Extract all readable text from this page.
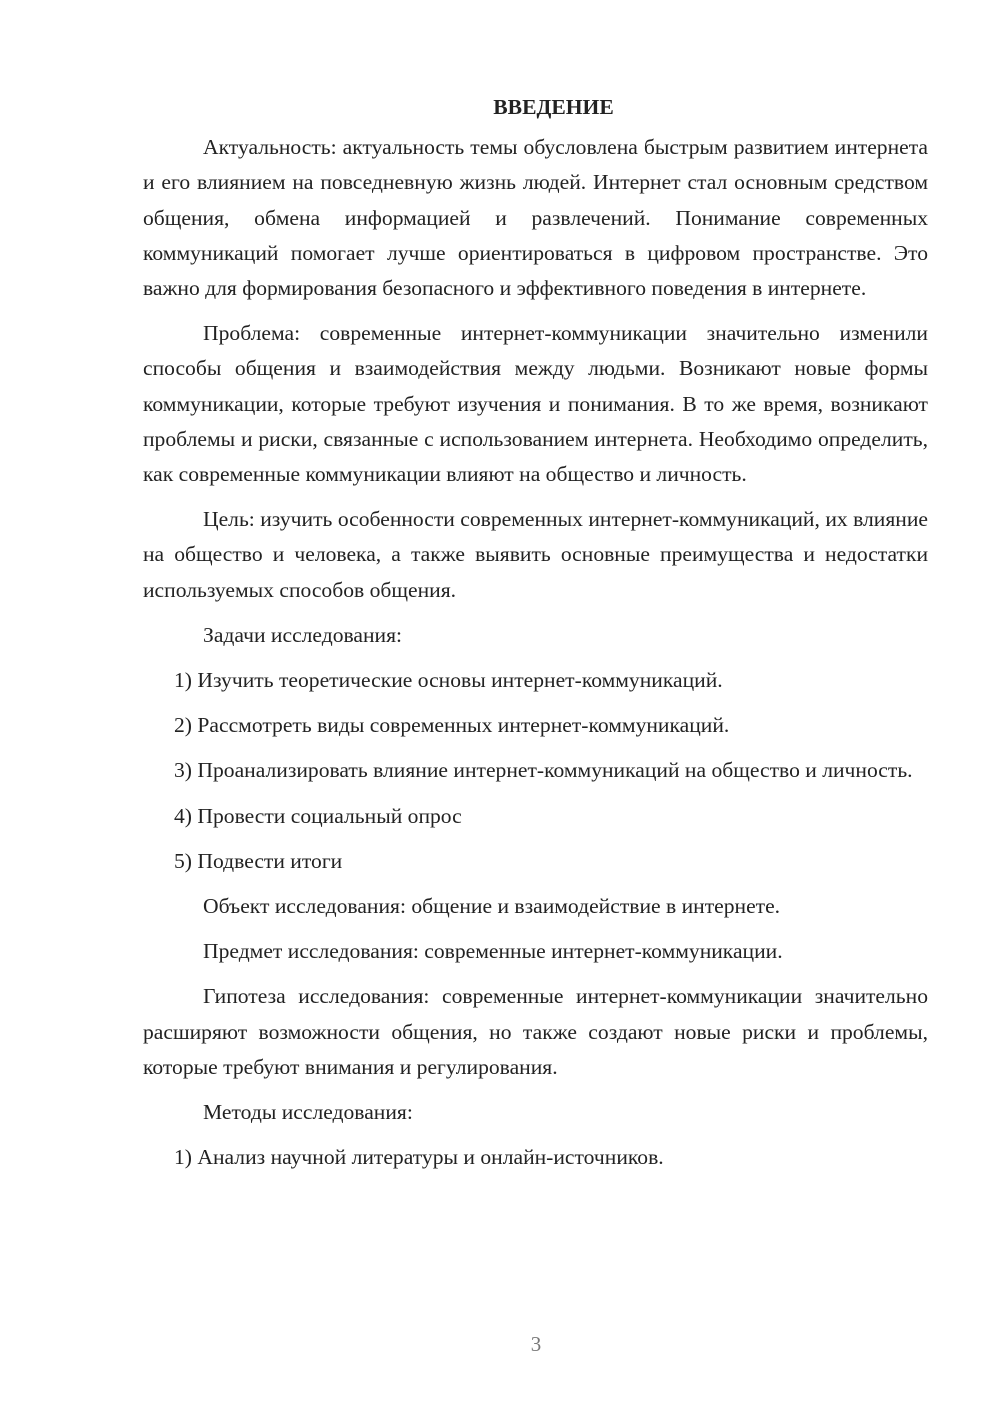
ВВЕДЕНИЕ
Актуальность: актуальность темы обусловлена быстрым развитием интернета и его влиянием на повседневную жизнь людей. Интернет стал основным средством общения, обмена информацией и развлечений. Понимание современных коммуникаций помогает лучше ориентироваться в цифровом пространстве. Это важно для формирования безопасного и эффективного поведения в интернете.
Проблема: современные интернет-коммуникации значительно изменили способы общения и взаимодействия между людьми. Возникают новые формы коммуникации, которые требуют изучения и понимания. В то же время, возникают проблемы и риски, связанные с использованием интернета. Необходимо определить, как современные коммуникации влияют на общество и личность.
Цель: изучить особенности современных интернет-коммуникаций, их влияние на общество и человека, а также выявить основные преимущества и недостатки используемых способов общения.
Задачи исследования:
1) Изучить теоретические основы интернет-коммуникаций.
2) Рассмотреть виды современных интернет-коммуникаций.
3) Проанализировать влияние интернет-коммуникаций на общество и личность.
4) Провести социальный опрос
5) Подвести итоги
Объект исследования: общение и взаимодействие в интернете.
Предмет исследования: современные интернет-коммуникации.
Гипотеза исследования: современные интернет-коммуникации значительно расширяют возможности общения, но также создают новые риски и проблемы, которые требуют внимания и регулирования.
Методы исследования:
1) Анализ научной литературы и онлайн-источников.
3
